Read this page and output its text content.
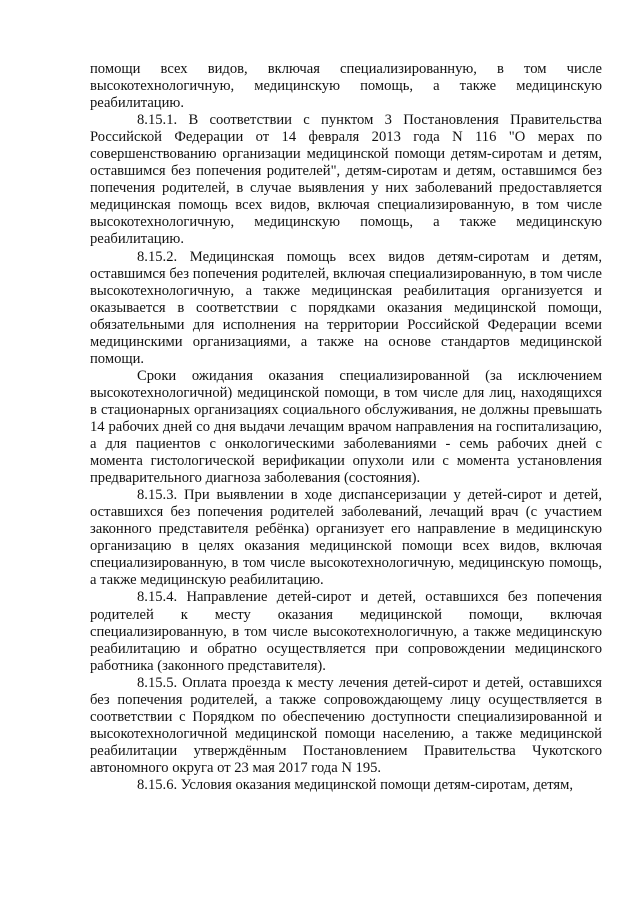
помощи всех видов, включая специализированную, в том числе высокотехнологичную, медицинскую помощь, а также медицинскую реабилитацию.

8.15.1. В соответствии с пунктом 3 Постановления Правительства Российской Федерации от 14 февраля 2013 года N 116 "О мерах по совершенствованию организации медицинской помощи детям-сиротам и детям, оставшимся без попечения родителей", детям-сиротам и детям, оставшимся без попечения родителей, в случае выявления у них заболеваний предоставляется медицинская помощь всех видов, включая специализированную, в том числе высокотехнологичную, медицинскую помощь, а также медицинскую реабилитацию.

8.15.2. Медицинская помощь всех видов детям-сиротам и детям, оставшимся без попечения родителей, включая специализированную, в том числе высокотехнологичную, а также медицинская реабилитация организуется и оказывается в соответствии с порядками оказания медицинской помощи, обязательными для исполнения на территории Российской Федерации всеми медицинскими организациями, а также на основе стандартов медицинской помощи.

Сроки ожидания оказания специализированной (за исключением высокотехнологичной) медицинской помощи, в том числе для лиц, находящихся в стационарных организациях социального обслуживания, не должны превышать 14 рабочих дней со дня выдачи лечащим врачом направления на госпитализацию, а для пациентов с онкологическими заболеваниями - семь рабочих дней с момента гистологической верификации опухоли или с момента установления предварительного диагноза заболевания (состояния).

8.15.3. При выявлении в ходе диспансеризации у детей-сирот и детей, оставшихся без попечения родителей заболеваний, лечащий врач (с участием законного представителя ребёнка) организует его направление в медицинскую организацию в целях оказания медицинской помощи всех видов, включая специализированную, в том числе высокотехнологичную, медицинскую помощь, а также медицинскую реабилитацию.

8.15.4. Направление детей-сирот и детей, оставшихся без попечения родителей к месту оказания медицинской помощи, включая специализированную, в том числе высокотехнологичную, а также медицинскую реабилитацию и обратно осуществляется при сопровождении медицинского работника (законного представителя).

8.15.5. Оплата проезда к месту лечения детей-сирот и детей, оставшихся без попечения родителей, а также сопровождающему лицу осуществляется в соответствии с Порядком по обеспечению доступности специализированной и высокотехнологичной медицинской помощи населению, а также медицинской реабилитации утверждённым Постановлением Правительства Чукотского автономного округа от 23 мая 2017 года N 195.

8.15.6. Условия оказания медицинской помощи детям-сиротам, детям,
